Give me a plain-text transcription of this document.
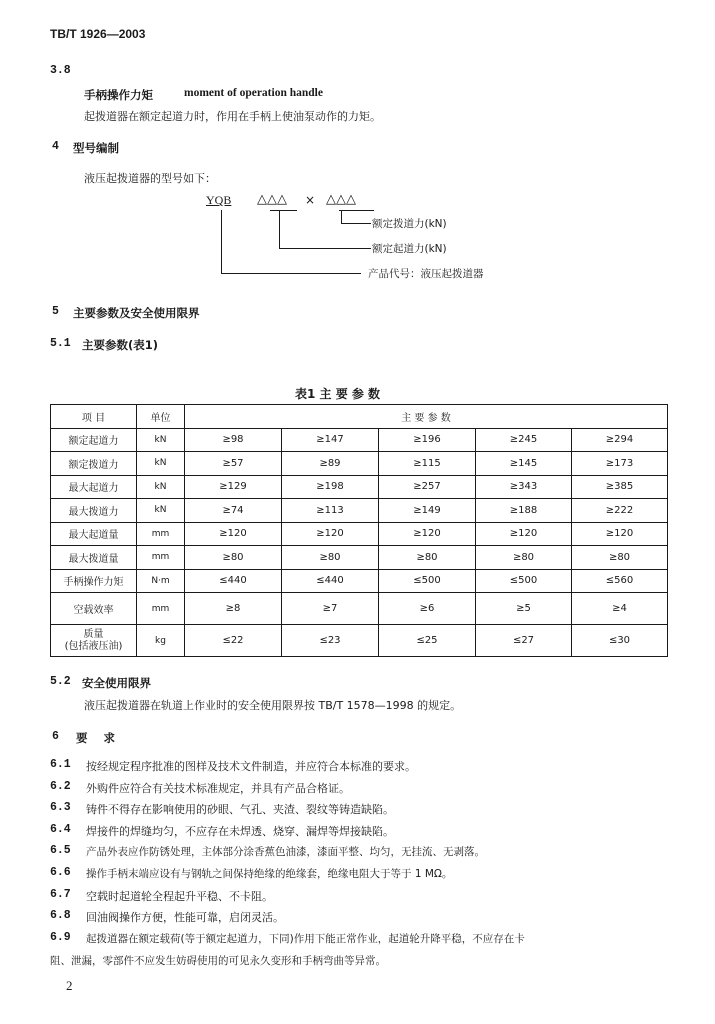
TB/T 1926—2003
3.8
手柄操作力矩	moment of operation handle
起拨道器在额定起道力时，作用在手柄上使油泵动作的力矩。
4 型号编制
液压起拨道器的型号如下：
YQB △△△ × △△△
额定拨道力(kN)
额定起道力(kN)
产品代号：液压起拨道器
5 主要参数及安全使用限界
5.1 主要参数(表1)
表1 主 要 参 数
项 目	单位	主 要 参 数				
额定起道力	kN	≥98	≥147	≥196	≥245	≥294
额定拨道力	kN	≥57	≥89	≥115	≥145	≥173
最大起道力	kN	≥129	≥198	≥257	≥343	≥385
最大拨道力	kN	≥74	≥113	≥149	≥188	≥222
最大起道量	mm	≥120	≥120	≥120	≥120	≥120
最大拨道量	mm	≥80	≥80	≥80	≥80	≥80
手柄操作力矩	N·m	≤440	≤440	≤500	≤500	≤560
空载效率	mm	≥8	≥7	≥6	≥5	≥4

质量
(包括液压油)	kg	≤22	≤23	≤25	≤27	≤30
5.2 安全使用限界
液压起拨道器在轨道上作业时的安全使用限界按 TB/T 1578—1998 的规定。
6 要    求
6.1 按经规定程序批准的图样及技术文件制造，并应符合本标准的要求。
6.2 外购件应符合有关技术标准规定，并具有产品合格证。
6.3 铸件不得存在影响使用的砂眼、气孔、夹渣、裂纹等铸造缺陷。
6.4 焊接件的焊缝均匀，不应存在未焊透、烧穿、漏焊等焊接缺陷。
6.5 产品外表应作防锈处理，主体部分涂香蕉色油漆，漆面平整、均匀，无挂流、无剥落。
6.6 操作手柄末端应设有与钢轨之间保持绝缘的绝缘套，绝缘电阻大于等于 1 MΩ。
6.7 空载时起道轮全程起升平稳、不卡阻。
6.8 回油阀操作方便，性能可靠，启闭灵活。
6.9 起拨道器在额定载荷(等于额定起道力，下同)作用下能正常作业，起道轮升降平稳，不应存在卡
阻、泄漏，零部件不应发生妨碍使用的可见永久变形和手柄弯曲等异常。
2
